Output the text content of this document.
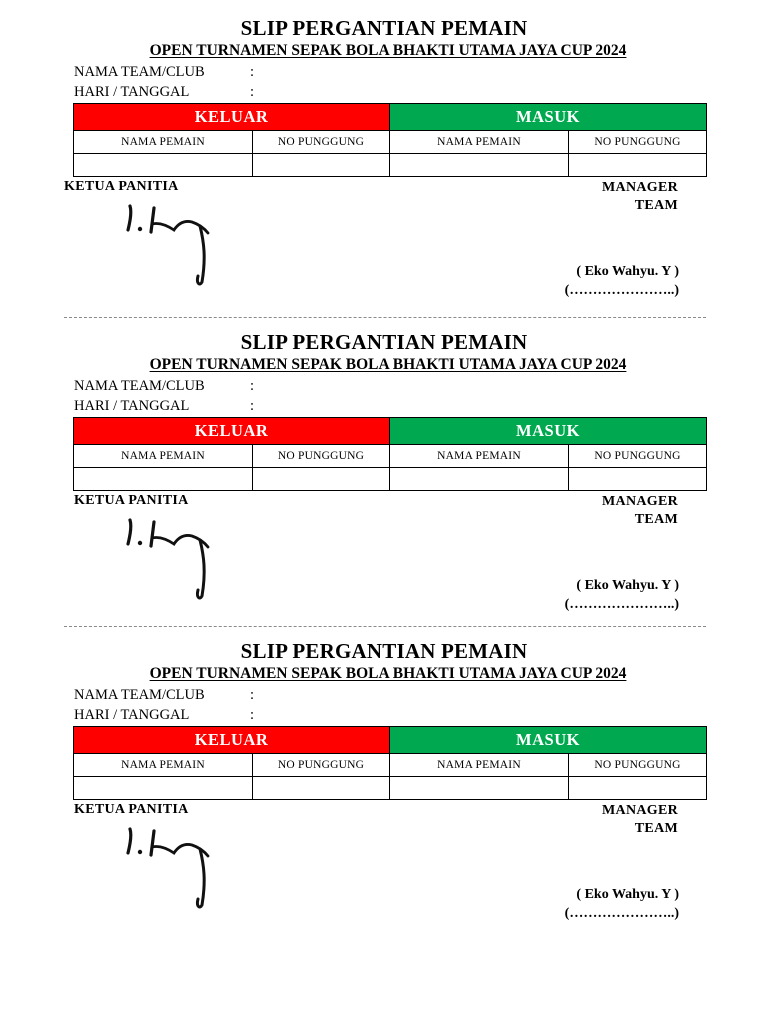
SLIP PERGANTIAN PEMAIN
OPEN TURNAMEN SEPAK BOLA BHAKTI UTAMA JAYA CUP 2024
NAMA TEAM/CLUB	:
HARI / TANGGAL	:
KELUAR		MASUK	
NAMA PEMAIN	NO PUNGGUNG	NAMA PEMAIN	NO PUNGGUNG

KETUA PANITIA	MANAGER
TEAM
( Eko Wahyu. Y )
(…………………..)
SLIP PERGANTIAN PEMAIN
OPEN TURNAMEN SEPAK BOLA BHAKTI UTAMA JAYA CUP 2024
NAMA TEAM/CLUB	:
HARI / TANGGAL	:
KELUAR		MASUK	
NAMA PEMAIN	NO PUNGGUNG	NAMA PEMAIN	NO PUNGGUNG

KETUA PANITIA	MANAGER
TEAM
( Eko Wahyu. Y )
(…………………..)
SLIP PERGANTIAN PEMAIN
OPEN TURNAMEN SEPAK BOLA BHAKTI UTAMA JAYA CUP 2024
NAMA TEAM/CLUB	:
HARI / TANGGAL	:
KELUAR		MASUK	
NAMA PEMAIN	NO PUNGGUNG	NAMA PEMAIN	NO PUNGGUNG

KETUA PANITIA	MANAGER
TEAM
( Eko Wahyu. Y )
(…………………..)
